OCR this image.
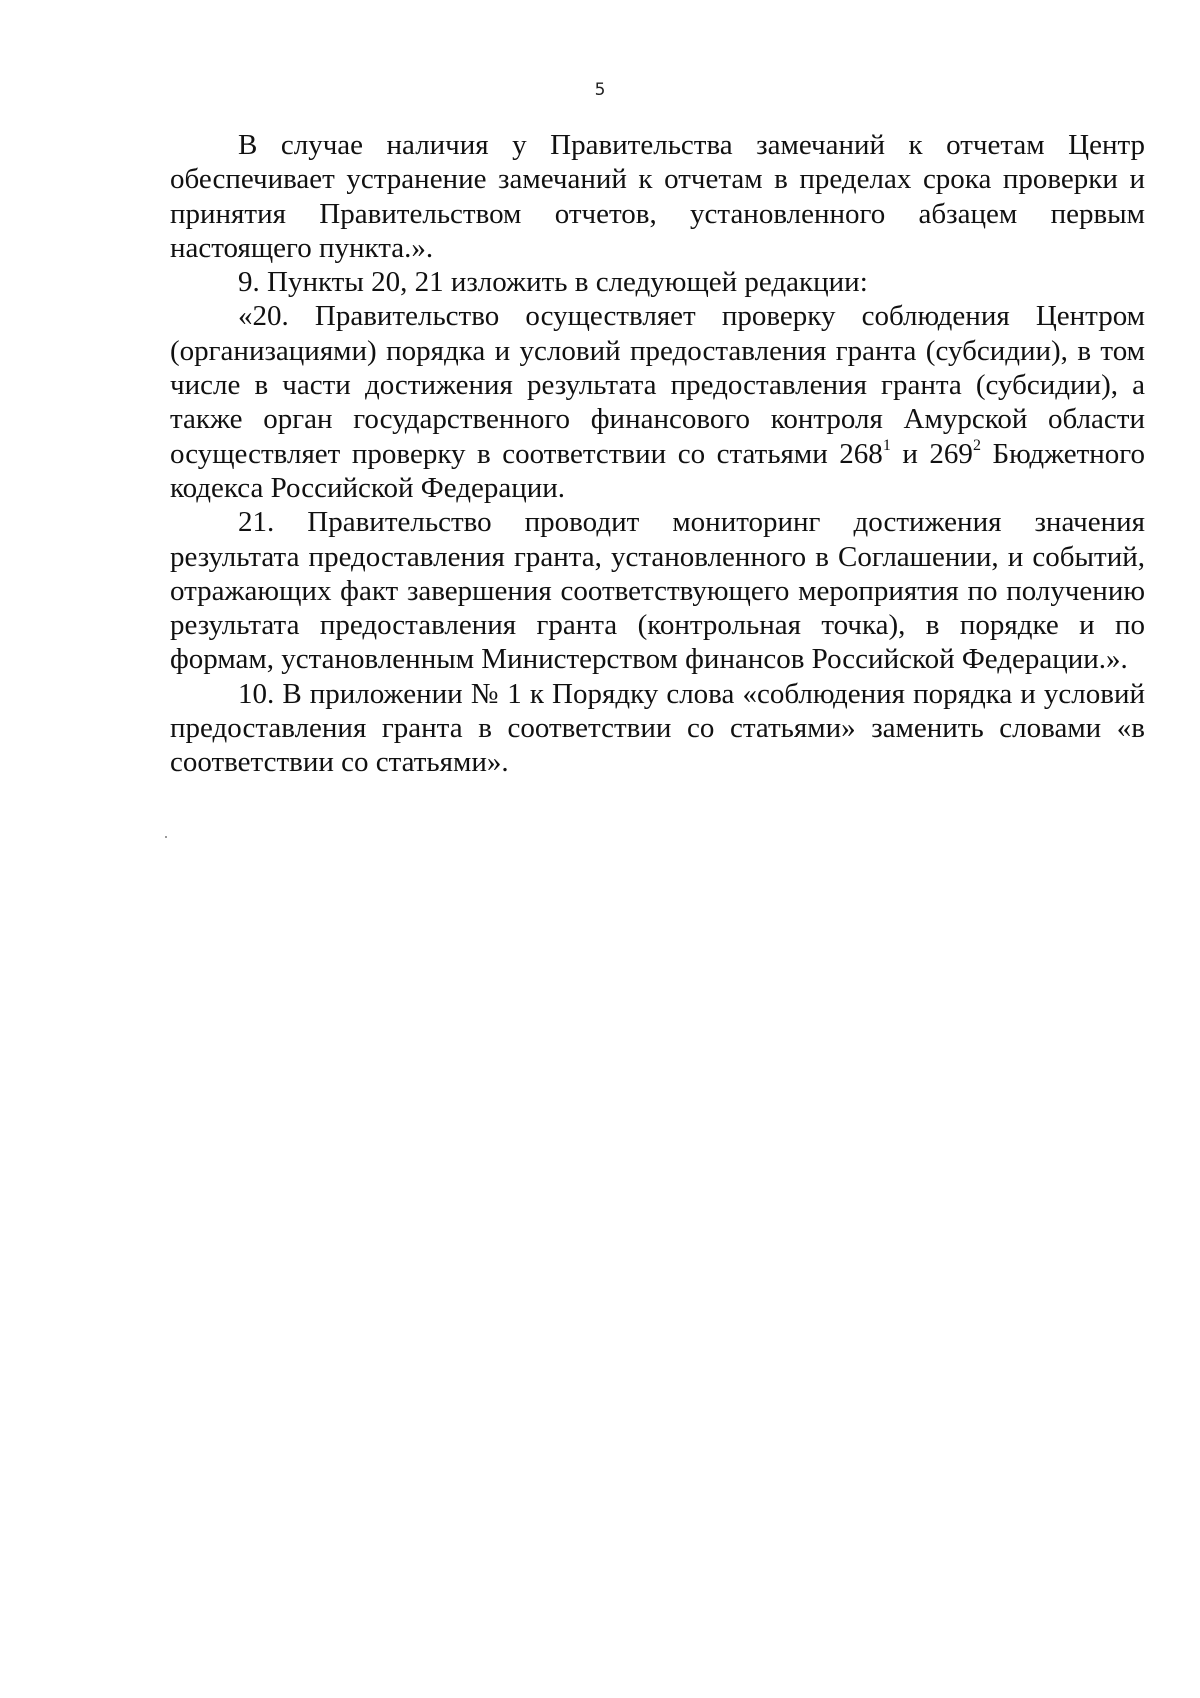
5

В случае наличия у Правительства замечаний к отчетам Центр обеспечивает устранение замечаний к отчетам в пределах срока проверки и принятия Правительством отчетов, установленного абзацем первым настоящего пункта.».

9. Пункты 20, 21 изложить в следующей редакции:

«20. Правительство осуществляет проверку соблюдения Центром (организациями) порядка и условий предоставления гранта (субсидии), в том числе в части достижения результата предоставления гранта (субсидии), а также орган государственного финансового контроля Амурской области осуществляет проверку в соответствии со статьями $268^1$ и $269^2$ Бюджетного кодекса Российской Федерации.

21. Правительство проводит мониторинг достижения значения результата предоставления гранта, установленного в Соглашении, и событий, отражающих факт завершения соответствующего мероприятия по получению результата предоставления гранта (контрольная точка), в порядке и по формам, установленным Министерством финансов Российской Федерации.».

10. В приложении № 1 к Порядку слова «соблюдения порядка и условий предоставления гранта в соответствии со статьями» заменить словами «в соответствии со статьями».
